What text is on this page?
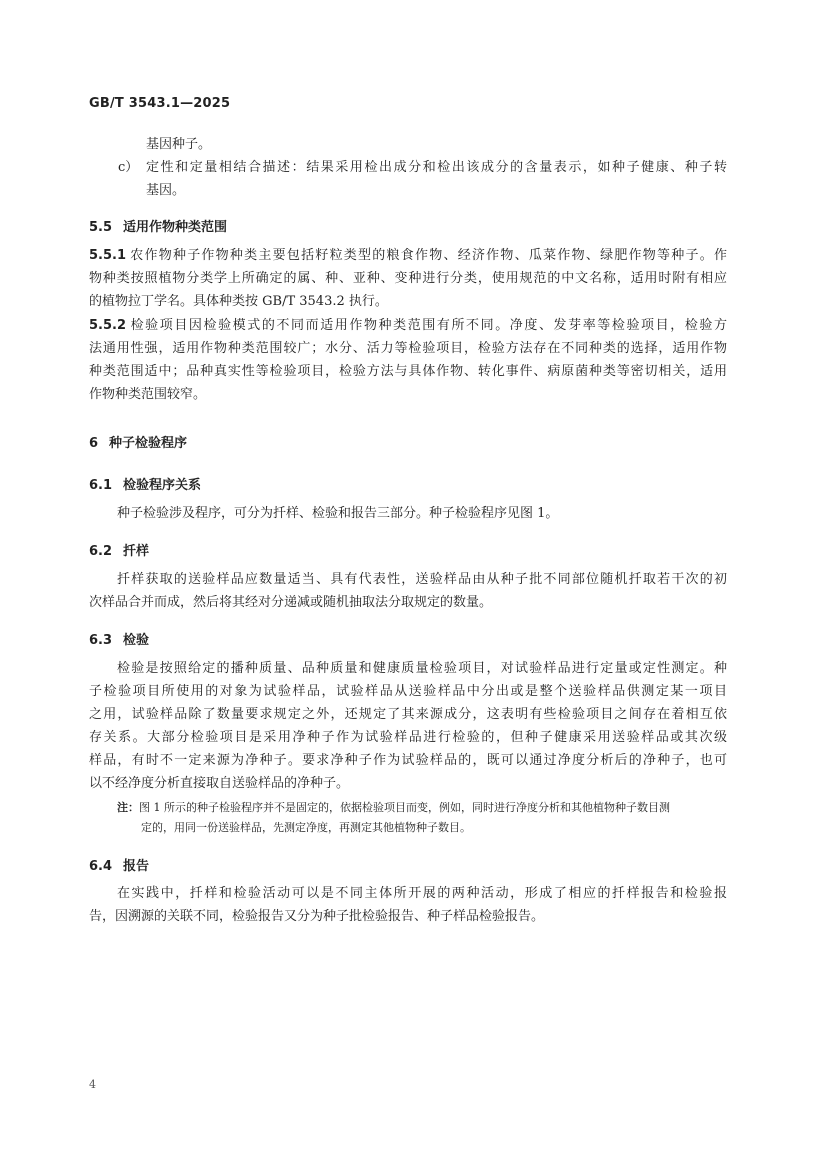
GB/T 3543.1—2025
基因种子。
c） 定性和定量相结合描述：结果采用检出成分和检出该成分的含量表示，如种子健康、种子转
基因。
5.5 适用作物种类范围
5.5.1 农作物种子作物种类主要包括籽粒类型的粮食作物、经济作物、瓜菜作物、绿肥作物等种子。作
物种类按照植物分类学上所确定的属、种、亚种、变种进行分类，使用规范的中文名称，适用时附有相应
的植物拉丁学名。具体种类按 GB/T 3543.2 执行。
5.5.2 检验项目因检验模式的不同而适用作物种类范围有所不同。净度、发芽率等检验项目，检验方
法通用性强，适用作物种类范围较广；水分、活力等检验项目，检验方法存在不同种类的选择，适用作物
种类范围适中；品种真实性等检验项目，检验方法与具体作物、转化事件、病原菌种类等密切相关，适用
作物种类范围较窄。
6 种子检验程序
6.1 检验程序关系
种子检验涉及程序，可分为扦样、检验和报告三部分。种子检验程序见图 1。
6.2 扦样
扦样获取的送验样品应数量适当、具有代表性，送验样品由从种子批不同部位随机扦取若干次的初
次样品合并而成，然后将其经对分递减或随机抽取法分取规定的数量。
6.3 检验
检验是按照给定的播种质量、品种质量和健康质量检验项目，对试验样品进行定量或定性测定。种
子检验项目所使用的对象为试验样品，试验样品从送验样品中分出或是整个送验样品供测定某一项目
之用，试验样品除了数量要求规定之外，还规定了其来源成分，这表明有些检验项目之间存在着相互依
存关系。大部分检验项目是采用净种子作为试验样品进行检验的，但种子健康采用送验样品或其次级
样品，有时不一定来源为净种子。要求净种子作为试验样品的，既可以通过净度分析后的净种子，也可
以不经净度分析直接取自送验样品的净种子。
注：图 1 所示的种子检验程序并不是固定的，依据检验项目而变，例如，同时进行净度分析和其他植物种子数目测
定的，用同一份送验样品，先测定净度，再测定其他植物种子数目。
6.4 报告
在实践中，扦样和检验活动可以是不同主体所开展的两种活动，形成了相应的扦样报告和检验报
告，因溯源的关联不同，检验报告又分为种子批检验报告、种子样品检验报告。
4
